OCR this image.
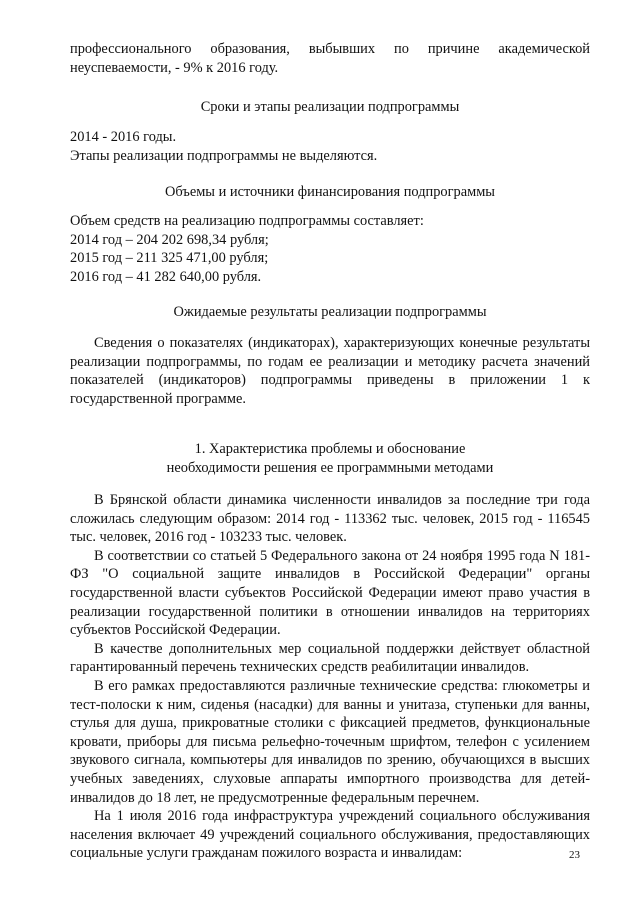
профессионального образования, выбывших по причине академической неуспеваемости, - 9% к 2016 году.

Сроки и этапы реализации подпрограммы

2014 - 2016 годы.

Этапы реализации подпрограммы не выделяются.

Объемы и источники финансирования подпрограммы

Объем средств на реализацию подпрограммы составляет:

2014 год – 204 202 698,34 рубля;

2015 год – 211 325 471,00 рубля;

2016 год – 41 282 640,00 рубля.

Ожидаемые результаты реализации подпрограммы

Сведения о показателях (индикаторах), характеризующих конечные результаты реализации подпрограммы, по годам ее реализации и методику расчета значений показателей (индикаторов) подпрограммы приведены в приложении 1 к государственной программе.

1. Характеристика проблемы и обоснование
необходимости решения ее программными методами

В Брянской области динамика численности инвалидов за последние три года сложилась следующим образом: 2014 год - 113362 тыс. человек, 2015 год - 116545 тыс. человек, 2016 год - 103233 тыс. человек.

В соответствии со статьей 5 Федерального закона от 24 ноября 1995 года N 181-ФЗ "О социальной защите инвалидов в Российской Федерации" органы государственной власти субъектов Российской Федерации имеют право участия в реализации государственной политики в отношении инвалидов на территориях субъектов Российской Федерации.

В качестве дополнительных мер социальной поддержки действует областной гарантированный перечень технических средств реабилитации инвалидов.

В его рамках предоставляются различные технические средства: глюкометры и тест-полоски к ним, сиденья (насадки) для ванны и унитаза, ступеньки для ванны, стулья для душа, прикроватные столики с фиксацией предметов, функциональные кровати, приборы для письма рельефно-точечным шрифтом, телефон с усилением звукового сигнала, компьютеры для инвалидов по зрению, обучающихся в высших учебных заведениях, слуховые аппараты импортного производства для детей-инвалидов до 18 лет, не предусмотренные федеральным перечнем.

На 1 июля 2016 года инфраструктура учреждений социального обслуживания населения включает 49 учреждений социального обслуживания, предоставляющих социальные услуги гражданам пожилого возраста и инвалидам:	23
